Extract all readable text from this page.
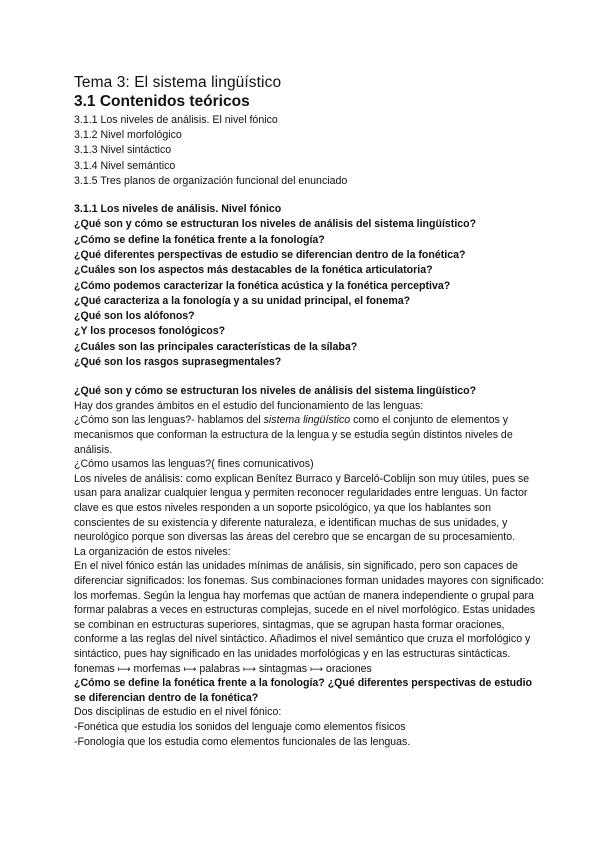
Tema 3: El sistema lingüístico
3.1 Contenidos teóricos
3.1.1 Los niveles de análisis. El nivel fónico
3.1.2 Nivel morfológico
3.1.3 Nivel sintáctico
3.1.4 Nivel semántico
3.1.5 Tres planos de organización funcional del enunciado
3.1.1 Los niveles de análisis. Nivel fónico
¿Qué son y cómo se estructuran los niveles de análisis del sistema lingüístico?
¿Cómo se define la fonética frente a la fonología?
¿Qué diferentes perspectivas de estudio se diferencian dentro de la fonética?
¿Cuáles son los aspectos más destacables de la fonética articulatoria?
¿Cómo podemos caracterizar la fonética acústica y la fonética perceptiva?
¿Qué caracteriza a la fonología y a su unidad principal, el fonema?
¿Qué son los alófonos?
¿Y los procesos fonológicos?
¿Cuáles son las principales características de la sílaba?
¿Qué son los rasgos suprasegmentales?

¿Qué son y cómo se estructuran los niveles de análisis del sistema lingüístico?

Hay dos grandes ámbitos en el estudio del funcionamiento de las lenguas:

¿Cómo son las lenguas?- hablamos del sistema lingüístico como el conjunto de elementos y mecanismos que conforman la estructura de la lengua y se estudia según distintos niveles de análisis.

¿Cómo usamos las lenguas?( fines comunicativos)

Los niveles de análisis: como explican Benítez Burraco y Barceló-Coblijn son muy útiles, pues se usan para analizar cualquier lengua y permiten reconocer regularidades entre lenguas. Un factor clave es que estos niveles responden a un soporte psicológico, ya que los hablantes son conscientes de su existencia y diferente naturaleza, e identifican muchas de sus unidades, y neurológico porque son diversas las áreas del cerebro que se encargan de su procesamiento.

La organización de estos niveles:

En el nivel fónico están las unidades mínimas de análisis, sin significado, pero son capaces de diferenciar significados: los fonemas. Sus combinaciones forman unidades mayores con significado: los morfemas. Según la lengua hay morfemas que actúan de manera independiente o grupal para formar palabras a veces en estructuras complejas, sucede en el nivel morfológico. Estas unidades se combinan en estructuras superiores, sintagmas, que se agrupan hasta formar oraciones, conforme a las reglas del nivel sintáctico. Añadimos el nivel semántico que cruza el morfológico y sintáctico, pues hay significado en las unidades morfológicas y en las estructuras sintácticas.

fonemas ⟼ morfemas ⟼ palabras ⟼ sintagmas ⟼ oraciones

¿Cómo se define la fonética frente a la fonología? ¿Qué diferentes perspectivas de estudio se diferencian dentro de la fonética?

Dos disciplinas de estudio en el nivel fónico:

-Fonética que estudia los sonidos del lenguaje como elementos físicos

-Fonología que los estudia como elementos funcionales de las lenguas.
